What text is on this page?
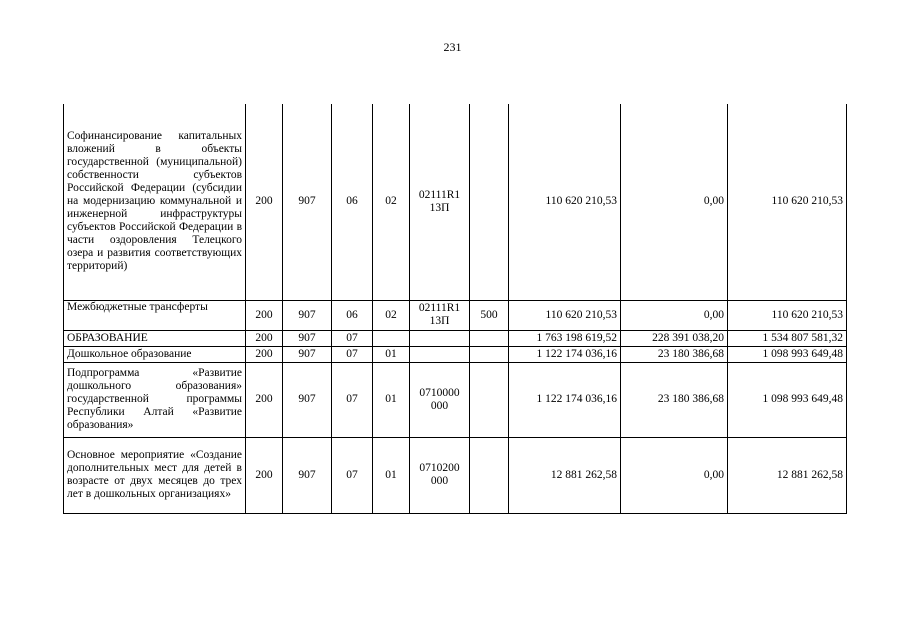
231
Софинансирование капитальных вложений в объекты государственной (муниципальной) собственности субъектов Российской Федерации (субсидии на модернизацию коммунальной и инженерной инфраструктуры субъектов Российской Федерации в части оздоровления Телецкого озера и развития соответствующих территорий)	200	907	06	02	02111R1 13П		110 620 210,53	0,00	110 620 210,53
Межбюджетные трансферты	200	907	06	02	02111R1 13П	500	110 620 210,53	0,00	110 620 210,53
ОБРАЗОВАНИЕ	200	907	07				1 763 198 619,52	228 391 038,20	1 534 807 581,32
Дошкольное образование	200	907	07	01			1 122 174 036,16	23 180 386,68	1 098 993 649,48
Подпрограмма «Развитие дошкольного образования» государственной программы Республики Алтай «Развитие образования»	200	907	07	01	0710000 000		1 122 174 036,16	23 180 386,68	1 098 993 649,48
Основное мероприятие «Создание дополнительных мест для детей в возрасте от двух месяцев до трех лет в дошкольных организациях»	200	907	07	01	0710200 000		12 881 262,58	0,00	12 881 262,58
